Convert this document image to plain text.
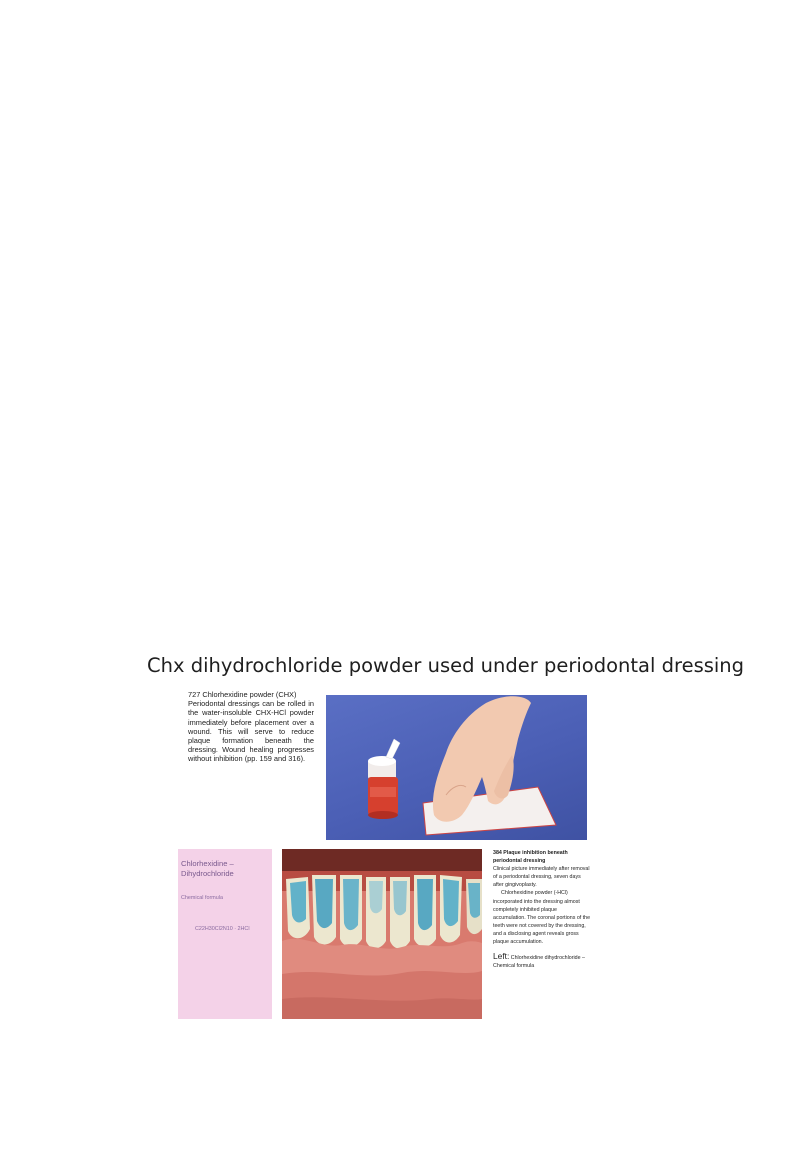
Chx dihydrochloride powder used under periodontal dressing
727 Chlorhexidine powder (CHX)
Periodontal dressings can be rolled in the water-insoluble CHX-HCl powder immediately before placement over a wound. This will serve to reduce plaque formation beneath the dressing. Wound healing progresses without inhibition (pp. 159 and 316).
Chlorhexidine – Dihydrochloride
Chemical formula
C22H30Cl2N10 · 2HCl
384 Plaque inhibition beneath periodontal dressing
Clinical picture immediately after removal of a periodontal dressing, seven days after gingivoplasty.
Chlorhexidine powder (-HCl) incorporated into the dressing almost completely inhibited plaque accumulation. The coronal portions of the teeth were not covered by the dressing, and a disclosing agent reveals gross plaque accumulation.
Left: Chlorhexidine dihydrochloride – Chemical formula
